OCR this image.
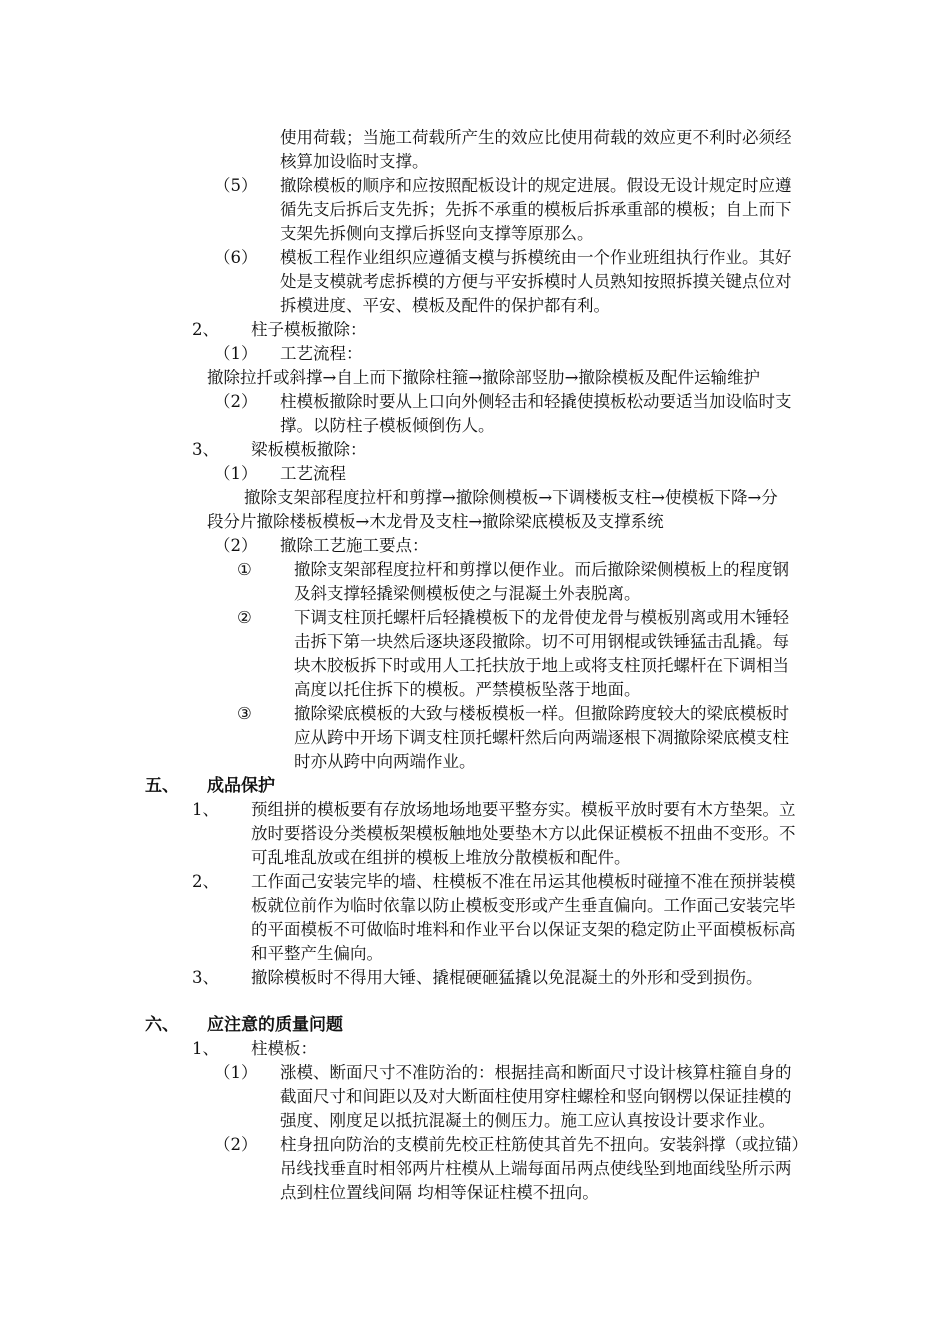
使用荷载；当施工荷载所产生的效应比使用荷载的效应更不利时必须经
核算加设临时支撑。
（5） 撤除模板的顺序和应按照配板设计的规定进展。假设无设计规定时应遵
循先支后拆后支先拆；先拆不承重的模板后拆承重部的模板；自上而下
支架先拆侧向支撑后拆竖向支撑等原那么。
（6） 模板工程作业组织应遵循支模与拆模统由一个作业班组执行作业。其好
处是支模就考虑拆模的方便与平安拆模时人员熟知按照拆摸关键点位对
拆模进度、平安、模板及配件的保护都有利。
2、 柱子模板撤除：
（1） 工艺流程：
撤除拉扦或斜撑→自上而下撤除柱箍→撤除部竖肋→撤除模板及配件运输维护
（2） 柱模板撤除时要从上口向外侧轻击和轻撬使摸板松动要适当加设临时支
撑。以防柱子模板倾倒伤人。
3、 梁板模板撤除：
（1） 工艺流程
撤除支架部程度拉杆和剪撑→撤除侧模板→下调楼板支柱→使模板下降→分
段分片撤除楼板模板→木龙骨及支柱→撤除梁底模板及支撑系统
（2） 撤除工艺施工要点：
①	撤除支架部程度拉杆和剪撑以便作业。而后撤除梁侧模板上的程度钢
及斜支撑轻撬梁侧模板使之与混凝土外表脱离。
②	下调支柱顶托螺杆后轻撬模板下的龙骨使龙骨与模板别离或用木锤轻
击拆下第一块然后逐块逐段撤除。切不可用钢棍或铁锤猛击乱撬。每
块木胶板拆下时或用人工托扶放于地上或将支柱顶托螺杆在下调相当
高度以托住拆下的模板。严禁模板坠落于地面。
③	撤除梁底模板的大致与楼板模板一样。但撤除跨度较大的梁底模板时
应从跨中开场下调支柱顶托螺杆然后向两端逐根下凋撤除梁底模支柱
时亦从跨中向两端作业。
五、 成品保护
1、 预组拼的模板要有存放场地场地要平整夯实。模板平放时要有木方垫架。立
放时要搭设分类模板架模板触地处要垫木方以此保证模板不扭曲不变形。不
可乱堆乱放或在组拼的模板上堆放分散模板和配件。
2、 工作面己安装完毕的墙、柱模板不准在吊运其他模板时碰撞不准在预拼装模
板就位前作为临时依靠以防止模板变形或产生垂直偏向。工作面己安装完毕
的平面模板不可做临时堆料和作业平台以保证支架的稳定防止平面模板标高
和平整产生偏向。
3、 撤除模板时不得用大锤、撬棍硬砸猛撬以免混凝土的外形和受到损伤。
六、 应注意的质量问题
1、 柱模板：
（1） 涨模、断面尺寸不准防治的：根据挂高和断面尺寸设计核算柱箍自身的
截面尺寸和间距以及对大断面柱使用穿柱螺栓和竖向钢楞以保证挂模的
强度、刚度足以抵抗混凝土的侧压力。施工应认真按设计要求作业。
（2） 柱身扭向防治的支模前先校正柱筋使其首先不扭向。安装斜撑（或拉锚）
吊线找垂直时相邻两片柱模从上端每面吊两点使线坠到地面线坠所示两
点到柱位置线间隔 均相等保证柱模不扭向。
